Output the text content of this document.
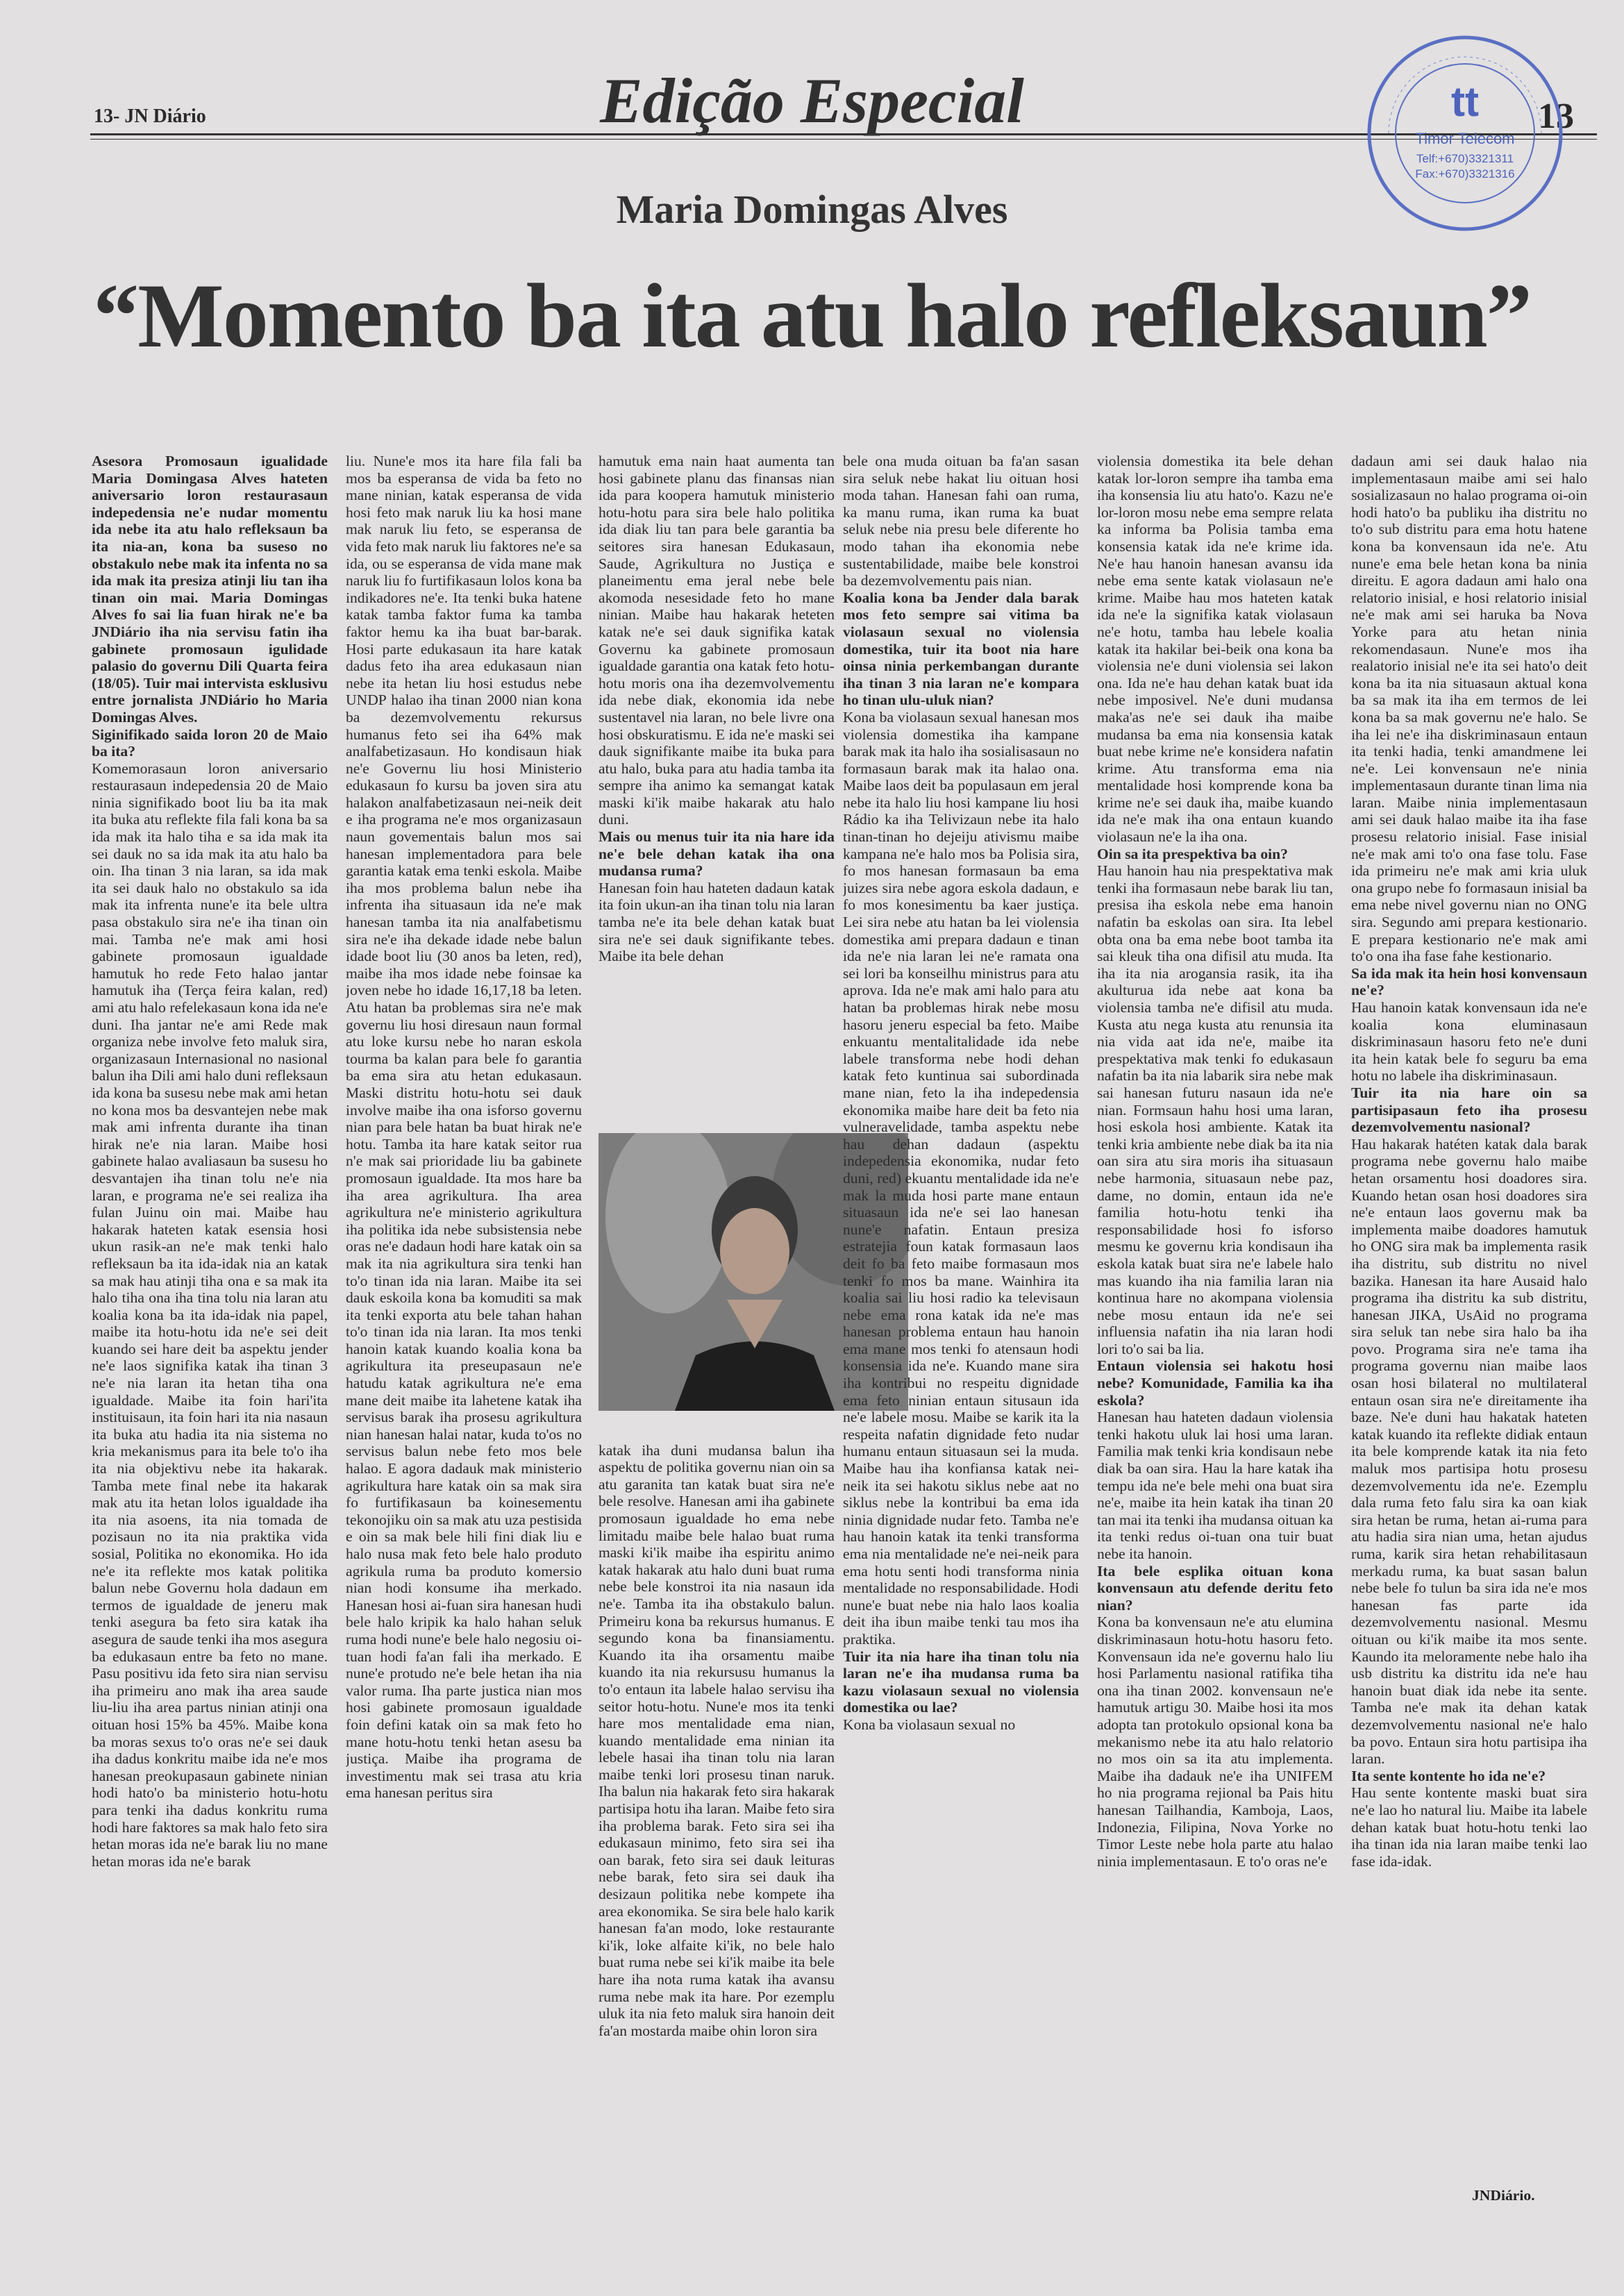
13- JN Diário	Edição Especial	13
tt
Timor Telecom
Telf:+670)3321311
Fax:+670)3321316
Maria Domingas Alves
“Momento ba ita atu halo refleksaun”

Asesora Promosaun igualidade Maria Domingasa Alves hateten aniversario loron restaurasaun indepedensia ne'e nudar momentu ida nebe ita atu halo refleksaun ba ita nia-an, kona ba suseso no obstakulo nebe mak ita infenta no sa ida mak ita presiza atinji liu tan iha tinan oin mai. Maria Domingas Alves fo sai lia fuan hirak ne'e ba JNDiário iha nia servisu fatin iha gabinete promosaun igulidade palasio do governu Dili Quarta feira (18/05). Tuir mai intervista esklusivu entre jornalista JNDiário ho Maria Domingas Alves.

Siginifikado saida loron 20 de Maio ba ita?

Komemorasaun loron aniversario restaurasaun indepedensia 20 de Maio ninia signifikado boot liu ba ita mak ita buka atu reflekte fila fali kona ba sa ida mak ita halo tiha e sa ida mak ita sei dauk no sa ida mak ita atu halo ba oin. Iha tinan 3 nia laran, sa ida mak ita sei dauk halo no obstakulo sa ida mak ita infrenta nune'e ita bele ultra pasa obstakulo sira ne'e iha tinan oin mai. Tamba ne'e mak ami hosi gabinete promosaun igualdade hamutuk ho rede Feto halao jantar hamutuk iha (Terça feira kalan, red) ami atu halo refelekasaun kona ida ne'e duni. Iha jantar ne'e ami Rede mak organiza nebe involve feto maluk sira, organizasaun Internasional no nasional balun iha Dili ami halo duni refleksaun ida kona ba susesu nebe mak ami hetan no kona mos ba desvantejen nebe mak mak ami infrenta durante iha tinan hirak ne'e nia laran. Maibe hosi gabinete halao avaliasaun ba susesu ho desvantajen iha tinan tolu ne'e nia laran, e programa ne'e sei realiza iha fulan Juinu oin mai. Maibe hau hakarak hateten katak esensia hosi ukun rasik-an ne'e mak tenki halo refleksaun ba ita ida-idak nia an katak sa mak hau atinji tiha ona e sa mak ita halo tiha ona iha tina tolu nia laran atu koalia kona ba ita ida-idak nia papel, maibe ita hotu-hotu ida ne'e sei deit kuando sei hare deit ba aspektu jender ne'e laos signifika katak iha tinan 3 ne'e nia laran ita hetan tiha ona igualdade. Maibe ita foin hari'ita instituisaun, ita foin hari ita nia nasaun ita buka atu hadia ita nia sistema no kria mekanismus para ita bele to'o iha ita nia objektivu nebe ita hakarak. Tamba mete final nebe ita hakarak mak atu ita hetan lolos igualdade iha ita nia asoens, ita nia tomada de pozisaun no ita nia praktika vida sosial, Politika no ekonomika. Ho ida ne'e ita reflekte mos katak politika balun nebe Governu hola dadaun em termos de igualdade de jeneru mak tenki asegura ba feto sira katak iha asegura de saude tenki iha mos asegura ba edukasaun entre ba feto no mane. Pasu positivu ida feto sira nian servisu iha primeiru ano mak iha area saude liu-liu iha area partus ninian atinji ona oituan hosi 15% ba 45%. Maibe kona ba moras sexus to'o oras ne'e sei dauk iha dadus konkritu maibe ida ne'e mos hanesan preokupasaun gabinete ninian hodi hato'o ba ministerio hotu-hotu para tenki iha dadus konkritu ruma hodi hare faktores sa mak halo feto sira hetan moras ida ne'e barak liu no mane hetan moras ida ne'e barak

liu. Nune'e mos ita hare fila fali ba mos ba esperansa de vida ba feto no mane ninian, katak esperansa de vida hosi feto mak naruk liu ka hosi mane mak naruk liu feto, se esperansa de vida feto mak naruk liu faktores ne'e sa ida, ou se esperansa de vida mane mak naruk liu fo furtifikasaun lolos kona ba indikadores ne'e. Ita tenki buka hatene katak tamba faktor fuma ka tamba faktor hemu ka iha buat bar-barak. Hosi parte edukasaun ita hare katak dadus feto iha area edukasaun nian nebe ita hetan liu hosi estudus nebe UNDP halao iha tinan 2000 nian kona ba dezemvolvementu rekursus humanus feto sei iha 64% mak analfabetizasaun. Ho kondisaun hiak ne'e Governu liu hosi Ministerio edukasaun fo kursu ba joven sira atu halakon analfabetizasaun nei-neik deit e iha programa ne'e mos organizasaun naun govementais balun mos sai hanesan implementadora para bele garantia katak ema tenki eskola. Maibe iha mos problema balun nebe iha infrenta iha situasaun ida ne'e mak hanesan tamba ita nia analfabetismu sira ne'e iha dekade idade nebe balun idade boot liu (30 anos ba leten, red), maibe iha mos idade nebe foinsae ka joven nebe ho idade 16,17,18 ba leten. Atu hatan ba problemas sira ne'e mak governu liu hosi diresaun naun formal atu loke kursu nebe ho naran eskola tourma ba kalan para bele fo garantia ba ema sira atu hetan edukasaun. Maski distritu hotu-hotu sei dauk involve maibe iha ona isforso governu nian para bele hatan ba buat hirak ne'e hotu. Tamba ita hare katak seitor rua n'e mak sai prioridade liu ba gabinete promosaun igualdade. Ita mos hare ba iha area agrikultura. Iha area agrikultura ne'e ministerio agrikultura iha politika ida nebe subsistensia nebe oras ne'e dadaun hodi hare katak oin sa mak ita nia agrikultura sira tenki han to'o tinan ida nia laran. Maibe ita sei dauk eskoila kona ba komuditi sa mak ita tenki exporta atu bele tahan hahan to'o tinan ida nia laran. Ita mos tenki hanoin katak kuando koalia kona ba agrikultura ita preseupasaun ne'e hatudu katak agrikultura ne'e ema mane deit maibe ita lahetene katak iha servisus barak iha prosesu agrikultura nian hanesan halai natar, kuda to'os no servisus balun nebe feto mos bele halao. E agora dadauk mak ministerio agrikultura hare katak oin sa mak sira fo furtifikasaun ba koinesementu tekonojiku oin sa mak atu uza pestisida e oin sa mak bele hili fini diak liu e halo nusa mak feto bele halo produto agrikula ruma ba produto komersio nian hodi konsume iha merkado. Hanesan hosi ai-fuan sira hanesan hudi bele halo kripik ka halo hahan seluk ruma hodi nune'e bele halo negosiu oi-tuan hodi fa'an fali iha merkado. E nune'e protudo ne'e bele hetan iha nia valor ruma. Iha parte justica nian mos hosi gabinete promosaun igualdade foin defini katak oin sa mak feto ho mane hotu-hotu tenki hetan asesu ba justiça. Maibe iha programa de investimentu mak sei trasa atu kria ema hanesan peritus sira

hamutuk ema nain haat aumenta tan hosi gabinete planu das finansas nian ida para koopera hamutuk ministerio hotu-hotu para sira bele halo politika ida diak liu tan para bele garantia ba seitores sira hanesan Edukasaun, Saude, Agrikultura no Justiça e planeimentu ema jeral nebe bele akomoda nesesidade feto ho mane ninian. Maibe hau hakarak heteten katak ne'e sei dauk signifika katak Governu ka gabinete promosaun igualdade garantia ona katak feto hotu-hotu moris ona iha dezemvolvementu ida nebe diak, ekonomia ida nebe sustentavel nia laran, no bele livre ona hosi obskuratismu. E ida ne'e maski sei dauk signifikante maibe ita buka para atu halo, buka para atu hadia tamba ita sempre iha animo ka semangat katak maski ki'ik maibe hakarak atu halo duni.

Mais ou menus tuir ita nia hare ida ne'e bele dehan katak iha ona mudansa ruma?

Hanesan foin hau hateten dadaun katak ita foin ukun-an iha tinan tolu nia laran tamba ne'e ita bele dehan katak buat sira ne'e sei dauk signifikante tebes. Maibe ita bele dehan

katak iha duni mudansa balun iha aspektu de politika governu nian oin sa atu garanita tan katak buat sira ne'e bele resolve. Hanesan ami iha gabinete promosaun igualdade ho ema nebe limitadu maibe bele halao buat ruma maski ki'ik maibe iha espiritu animo katak hakarak atu halo duni buat ruma nebe bele konstroi ita nia nasaun ida ne'e. Tamba ita iha obstakulo balun. Primeiru kona ba rekursus humanus. E segundo kona ba finansiamentu. Kuando ita iha orsamentu maibe kuando ita nia rekursusu humanus la to'o entaun ita labele halao servisu iha seitor hotu-hotu. Nune'e mos ita tenki hare mos mentalidade ema nian, kuando mentalidade ema ninian ita lebele hasai iha tinan tolu nia laran maibe tenki lori prosesu tinan naruk. Iha balun nia hakarak feto sira hakarak partisipa hotu iha laran. Maibe feto sira iha problema barak. Feto sira sei iha edukasaun minimo, feto sira sei iha oan barak, feto sira sei dauk leituras nebe barak, feto sira sei dauk iha desizaun politika nebe kompete iha area ekonomika. Se sira bele halo karik hanesan fa'an modo, loke restaurante ki'ik, loke alfaite ki'ik, no bele halo buat ruma nebe sei ki'ik maibe ita bele hare iha nota ruma katak iha avansu ruma nebe mak ita hare. Por ezemplu uluk ita nia feto maluk sira hanoin deit fa'an mostarda maibe ohin loron sira

bele ona muda oituan ba fa'an sasan sira seluk nebe hakat liu oituan hosi moda tahan. Hanesan fahi oan ruma, ka manu ruma, ikan ruma ka buat seluk nebe nia presu bele diferente ho modo tahan iha ekonomia nebe sustentabilidade, maibe bele konstroi ba dezemvolvementu pais nian.

Koalia kona ba Jender dala barak mos feto sempre sai vitima ba violasaun sexual no violensia domestika, tuir ita boot nia hare oinsa ninia perkembangan durante iha tinan 3 nia laran ne'e kompara ho tinan ulu-uluk nian?

Kona ba violasaun sexual hanesan mos violensia domestika iha kampane barak mak ita halo iha sosialisasaun no formasaun barak mak ita halao ona. Maibe laos deit ba populasaun em jeral nebe ita halo liu hosi kampane liu hosi Rádio ka iha Telivizaun nebe ita halo tinan-tinan ho dejeiju ativismu maibe kampana ne'e halo mos ba Polisia sira, fo mos hanesan formasaun ba ema juizes sira nebe agora eskola dadaun, e fo mos konesimentu ba kaer justiça. Lei sira nebe atu hatan ba lei violensia domestika ami prepara dadaun e tinan ida ne'e nia laran lei ne'e ramata ona sei lori ba konseilhu ministrus para atu aprova. Ida ne'e mak ami halo para atu hatan ba problemas hirak nebe mosu hasoru jeneru especial ba feto. Maibe enkuantu mentalitalidade ida nebe labele transforma nebe hodi dehan katak feto kuntinua sai subordinada mane nian, feto la iha indepedensia ekonomika maibe hare deit ba feto nia vulneravelidade, tamba aspektu nebe hau dehan dadaun (aspektu indepedensia ekonomika, nudar feto duni, red) ekuantu mentalidade ida ne'e mak la muda hosi parte mane entaun situasaun ida ne'e sei lao hanesan nune'e nafatin. Entaun presiza estratejia foun katak formasaun laos deit fo ba feto maibe formasaun mos tenki fo mos ba mane. Wainhira ita koalia sai liu hosi radio ka televisaun nebe ema rona katak ida ne'e mas hanesan problema entaun hau hanoin ema mane mos tenki fo atensaun hodi konsensia ida ne'e. Kuando mane sira iha kontribui no respeitu dignidade ema feto ninian entaun situsaun ida ne'e labele mosu. Maibe se karik ita la respeita nafatin dignidade feto nudar humanu entaun situasaun sei la muda. Maibe hau iha konfiansa katak nei-neik ita sei hakotu siklus nebe aat no siklus nebe la kontribui ba ema ida ninia dignidade nudar feto. Tamba ne'e hau hanoin katak ita tenki transforma ema nia mentalidade ne'e nei-neik para ema hotu senti hodi transforma ninia mentalidade no responsabilidade. Hodi nune'e buat nebe nia halo laos koalia deit iha ibun maibe tenki tau mos iha praktika.

Tuir ita nia hare iha tinan tolu nia laran ne'e iha mudansa ruma ba kazu violasaun sexual no violensia domestika ou lae?

Kona ba violasaun sexual no

violensia domestika ita bele dehan katak lor-loron sempre iha tamba ema iha konsensia liu atu hato'o. Kazu ne'e lor-loron mosu nebe ema sempre relata ka informa ba Polisia tamba ema konsensia katak ida ne'e krime ida. Ne'e hau hanoin hanesan avansu ida nebe ema sente katak violasaun ne'e krime. Maibe hau mos hateten katak ida ne'e la signifika katak violasaun ne'e hotu, tamba hau lebele koalia katak ita hakilar bei-beik ona kona ba violensia ne'e duni violensia sei lakon ona. Ida ne'e hau dehan katak buat ida nebe imposivel. Ne'e duni mudansa maka'as ne'e sei dauk iha maibe mudansa ba ema nia konsensia katak buat nebe krime ne'e konsidera nafatin krime. Atu transforma ema nia mentalidade hosi komprende kona ba krime ne'e sei dauk iha, maibe kuando ida ne'e mak iha ona entaun kuando violasaun ne'e la iha ona.

Oin sa ita prespektiva ba oin?

Hau hanoin hau nia prespektativa mak tenki iha formasaun nebe barak liu tan, presisa iha eskola nebe ema hanoin nafatin ba eskolas oan sira. Ita lebel obta ona ba ema nebe boot tamba ita sai kleuk tiha ona difisil atu muda. Ita iha ita nia arogansia rasik, ita iha akulturua ida nebe aat kona ba violensia tamba ne'e difisil atu muda. Kusta atu nega kusta atu renunsia ita nia vida aat ida ne'e, maibe ita prespektativa mak tenki fo edukasaun nafatin ba ita nia labarik sira nebe mak sai hanesan futuru nasaun ida ne'e nian. Formsaun hahu hosi uma laran, hosi eskola hosi ambiente. Katak ita tenki kria ambiente nebe diak ba ita nia oan sira atu sira moris iha situasaun nebe harmonia, situasaun nebe paz, dame, no domin, entaun ida ne'e familia hotu-hotu tenki iha responsabilidade hosi fo isforso mesmu ke governu kria kondisaun iha eskola katak buat sira ne'e labele halo mas kuando iha nia familia laran nia kontinua hare no akompana violensia nebe mosu entaun ida ne'e sei influensia nafatin iha nia laran hodi lori to'o sai ba lia.

Entaun violensia sei hakotu hosi nebe? Komunidade, Familia ka iha eskola?

Hanesan hau hateten dadaun violensia tenki hakotu uluk lai hosi uma laran. Familia mak tenki kria kondisaun nebe diak ba oan sira. Hau la hare katak iha tempu ida ne'e bele mehi ona buat sira ne'e, maibe ita hein katak iha tinan 20 tan mai ita tenki iha mudansa oituan ka ita tenki redus oi-tuan ona tuir buat nebe ita hanoin.

Ita bele esplika oituan kona konvensaun atu defende deritu feto nian?

Kona ba konvensaun ne'e atu elumina diskriminasaun hotu-hotu hasoru feto. Konvensaun ida ne'e governu halo liu hosi Parlamentu nasional ratifika tiha ona iha tinan 2002. konvensaun ne'e hamutuk artigu 30. Maibe hosi ita mos adopta tan protokulo opsional kona ba mekanismo nebe ita atu halo relatorio no mos oin sa ita atu implementa. Maibe iha dadauk ne'e iha UNIFEM ho nia programa rejional ba Pais hitu hanesan Tailhandia, Kamboja, Laos, Indonezia, Filipina, Nova Yorke no Timor Leste nebe hola parte atu halao ninia implementasaun. E to'o oras ne'e

dadaun ami sei dauk halao nia implementasaun maibe ami sei halo sosializasaun no halao programa oi-oin hodi hato'o ba publiku iha distritu no to'o sub distritu para ema hotu hatene kona ba konvensaun ida ne'e. Atu nune'e ema bele hetan kona ba ninia direitu. E agora dadaun ami halo ona relatorio inisial, e hosi relatorio inisial ne'e mak ami sei haruka ba Nova Yorke para atu hetan ninia rekomendasaun. Nune'e mos iha realatorio inisial ne'e ita sei hato'o deit kona ba ita nia situasaun aktual kona ba sa mak ita iha em termos de lei kona ba sa mak governu ne'e halo. Se iha lei ne'e iha diskriminasaun entaun ita tenki hadia, tenki amandmene lei ne'e. Lei konvensaun ne'e ninia implementasaun durante tinan lima nia laran. Maibe ninia implementasaun ami sei dauk halao maibe ita iha fase prosesu relatorio inisial. Fase inisial ne'e mak ami to'o ona fase tolu. Fase ida primeiru ne'e mak ami kria uluk ona grupo nebe fo formasaun inisial ba ema nebe nivel governu nian no ONG sira. Segundo ami prepara kestionario. E prepara kestionario ne'e mak ami to'o ona iha fase fahe kestionario.

Sa ida mak ita hein hosi konvensaun ne'e?

Hau hanoin katak konvensaun ida ne'e koalia kona eluminasaun diskriminasaun hasoru feto ne'e duni ita hein katak bele fo seguru ba ema hotu no labele iha diskriminasaun.

Tuir ita nia hare oin sa partisipasaun feto iha prosesu dezemvolvementu nasional?

Hau hakarak hatéten katak dala barak programa nebe governu halo maibe hetan orsamentu hosi doadores sira. Kuando hetan osan hosi doadores sira ne'e entaun laos governu mak ba implementa maibe doadores hamutuk ho ONG sira mak ba implementa rasik iha distritu, sub distritu no nivel bazika. Hanesan ita hare Ausaid halo programa iha distritu ka sub distritu, hanesan JIKA, UsAid no programa sira seluk tan nebe sira halo ba iha povo. Programa sira ne'e tama iha programa governu nian maibe laos osan hosi bilateral no multilateral entaun osan sira ne'e direitamente iha baze. Ne'e duni hau hakatak hateten katak kuando ita reflekte didiak entaun ita bele komprende katak ita nia feto maluk mos partisipa hotu prosesu dezemvolvementu ida ne'e. Ezemplu dala ruma feto falu sira ka oan kiak sira hetan be ruma, hetan ai-ruma para atu hadia sira nian uma, hetan ajudus ruma, karik sira hetan rehabilitasaun merkadu ruma, ka buat sasan balun nebe bele fo tulun ba sira ida ne'e mos hanesan fas parte ida dezemvolvementu nasional. Mesmu oituan ou ki'ik maibe ita mos sente. Kaundo ita meloramente nebe halo iha usb distritu ka distritu ida ne'e hau hanoin buat diak ida nebe ita sente. Tamba ne'e mak ita dehan katak dezemvolvementu nasional ne'e halo ba povo. Entaun sira hotu partisipa iha laran.

Ita sente kontente ho ida ne'e?

Hau sente kontente maski buat sira ne'e lao ho natural liu. Maibe ita labele dehan katak buat hotu-hotu tenki lao iha tinan ida nia laran maibe tenki lao fase ida-idak.

JNDiário.
